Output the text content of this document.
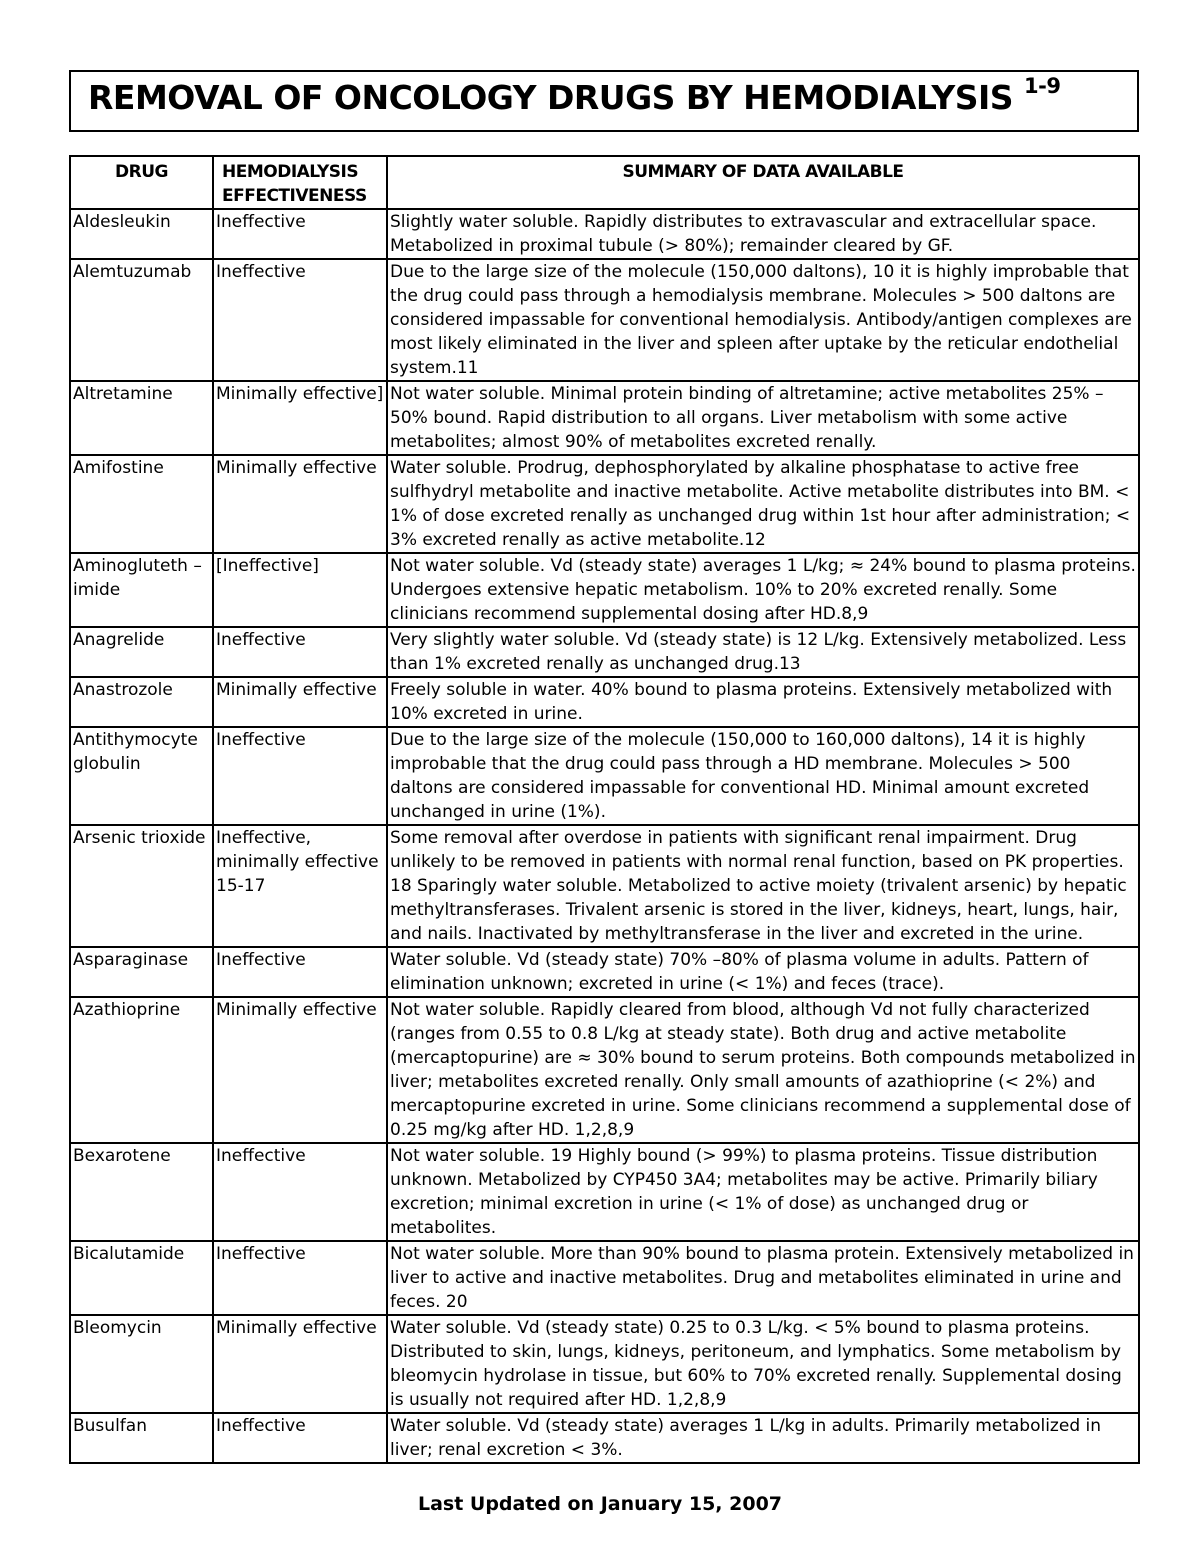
REMOVAL OF ONCOLOGY DRUGS BY HEMODIALYSIS $^{1-9}$
DRUG	HEMODIALYSIS EFFECTIVENESS	SUMMARY OF DATA AVAILABLE
Aldesleukin	Ineffective	Slightly water soluble. Rapidly distributes to extravascular and extracellular space. Metabolized in proximal tubule (> 80%); remainder cleared by GF.
Alemtuzumab	Ineffective	Due to the large size of the molecule (150,000 daltons), 10 it is highly improbable that the drug could pass through a hemodialysis membrane. Molecules > 500 daltons are considered impassable for conventional hemodialysis. Antibody/antigen complexes are most likely eliminated in the liver and spleen after uptake by the reticular endothelial system.11
Altretamine	Minimally effective]	Not water soluble. Minimal protein binding of altretamine; active metabolites 25% –50% bound. Rapid distribution to all organs. Liver metabolism with some active metabolites; almost 90% of metabolites excreted renally.
Amifostine	Minimally effective	Water soluble. Prodrug, dephosphorylated by alkaline phosphatase to active free sulfhydryl metabolite and inactive metabolite. Active metabolite distributes into BM. < 1% of dose excreted renally as unchanged drug within 1st hour after administration; < 3% excreted renally as active metabolite.12
Aminogluteth –imide	[Ineffective]	Not water soluble. Vd (steady state) averages 1 L/kg; ≈ 24% bound to plasma proteins. Undergoes extensive hepatic metabolism. 10% to 20% excreted renally. Some clinicians recommend supplemental dosing after HD.8,9
Anagrelide	Ineffective	Very slightly water soluble. Vd (steady state) is 12 L/kg. Extensively metabolized. Less than 1% excreted renally as unchanged drug.13
Anastrozole	Minimally effective	Freely soluble in water. 40% bound to plasma proteins. Extensively metabolized with 10% excreted in urine.
Antithymocyte globulin	Ineffective	Due to the large size of the molecule (150,000 to 160,000 daltons), 14 it is highly improbable that the drug could pass through a HD membrane. Molecules > 500 daltons are considered impassable for conventional HD. Minimal amount excreted unchanged in urine (1%).
Arsenic trioxide	Ineffective, minimally effective 15-17	Some removal after overdose in patients with significant renal impairment. Drug unlikely to be removed in patients with normal renal function, based on PK properties. 18 Sparingly water soluble. Metabolized to active moiety (trivalent arsenic) by hepatic methyltransferases. Trivalent arsenic is stored in the liver, kidneys, heart, lungs, hair, and nails. Inactivated by methyltransferase in the liver and excreted in the urine.
Asparaginase	Ineffective	Water soluble. Vd (steady state) 70% –80% of plasma volume in adults. Pattern of elimination unknown; excreted in urine (< 1%) and feces (trace).
Azathioprine	Minimally effective	Not water soluble. Rapidly cleared from blood, although Vd not fully characterized (ranges from 0.55 to 0.8 L/kg at steady state). Both drug and active metabolite (mercaptopurine) are ≈ 30% bound to serum proteins. Both compounds metabolized in liver; metabolites excreted renally. Only small amounts of azathioprine (< 2%) and mercaptopurine excreted in urine. Some clinicians recommend a supplemental dose of 0.25 mg/kg after HD. 1,2,8,9
Bexarotene	Ineffective	Not water soluble. 19 Highly bound (> 99%) to plasma proteins. Tissue distribution unknown. Metabolized by CYP450 3A4; metabolites may be active. Primarily biliary excretion; minimal excretion in urine (< 1% of dose) as unchanged drug or metabolites.
Bicalutamide	Ineffective	Not water soluble. More than 90% bound to plasma protein. Extensively metabolized in liver to active and inactive metabolites. Drug and metabolites eliminated in urine and feces. 20
Bleomycin	Minimally effective	Water soluble. Vd (steady state) 0.25 to 0.3 L/kg. < 5% bound to plasma proteins. Distributed to skin, lungs, kidneys, peritoneum, and lymphatics. Some metabolism by bleomycin hydrolase in tissue, but 60% to 70% excreted renally. Supplemental dosing is usually not required after HD. 1,2,8,9
Busulfan	Ineffective	Water soluble. Vd (steady state) averages 1 L/kg in adults. Primarily metabolized in liver; renal excretion < 3%.
Last Updated on January 15, 2007
